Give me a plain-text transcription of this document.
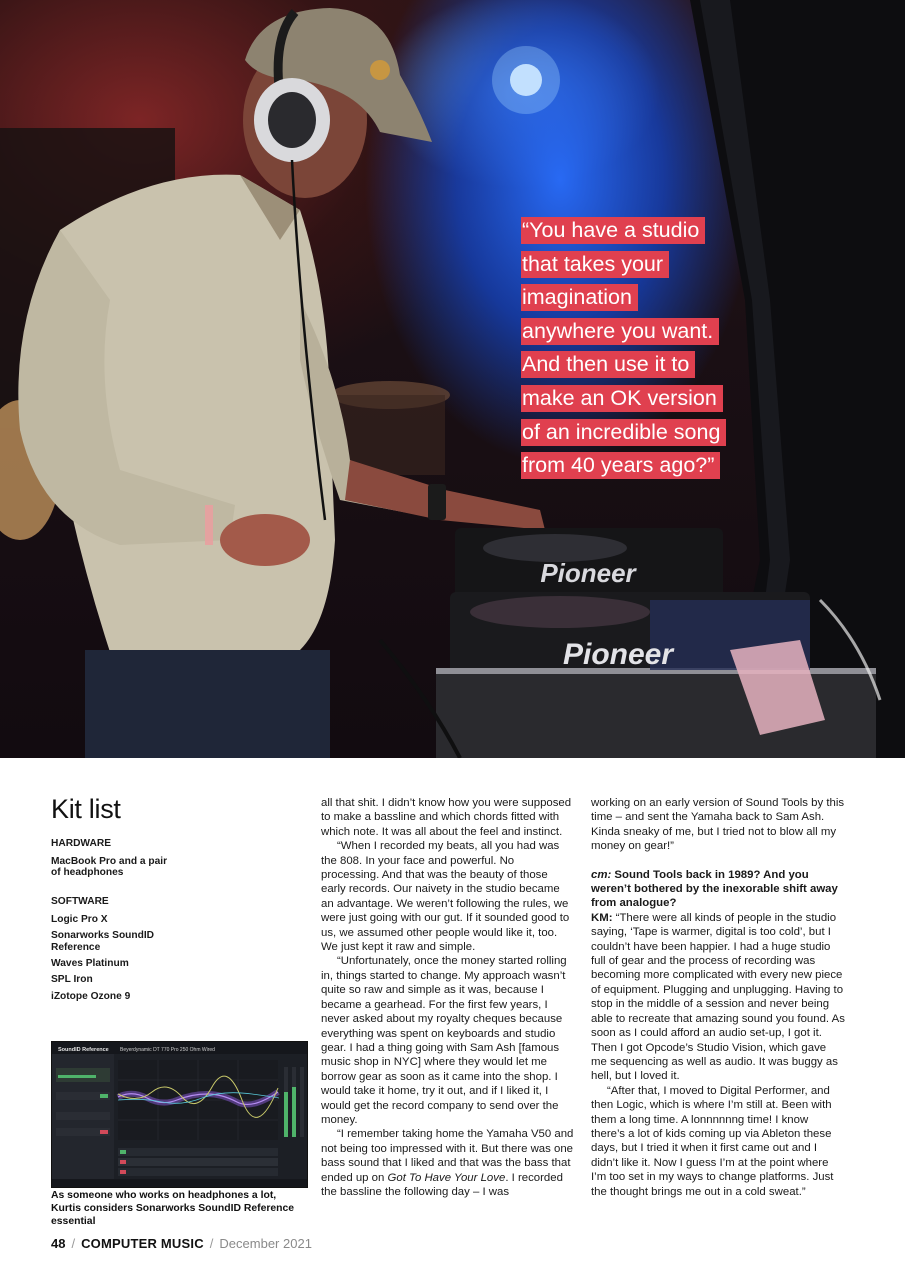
Pioneer
Pioneer
“You have a studio
that takes your
imagination
anywhere you want.
And then use it to
make an OK version
of an incredible song
from 40 years ago?”
Kit list
HARDWARE
MacBook Pro and a pair of headphones
SOFTWARE
Logic Pro X
Sonarworks SoundID Reference
Waves Platinum
SPL Iron
iZotope Ozone 9
SoundID Reference Beyerdynamic DT 770 Pro 250 Ohm Wired
As someone who works on headphones a lot, Kurtis considers Sonarworks SoundID Reference essential

all that shit. I didn’t know how you were supposed to make a bassline and which chords fitted with which note. It was all about the feel and instinct.

“When I recorded my beats, all you had was the 808. In your face and powerful. No processing. And that was the beauty of those early records. Our naivety in the studio became an advantage. We weren’t following the rules, we were just going with our gut. If it sounded good to us, we assumed other people would like it, too. We just kept it raw and simple.

“Unfortunately, once the money started rolling in, things started to change. My approach wasn’t quite so raw and simple as it was, because I became a gearhead. For the first few years, I never asked about my royalty cheques because everything was spent on keyboards and studio gear. I had a thing going with Sam Ash [famous music shop in NYC] where they would let me borrow gear as soon as it came into the shop. I would take it home, try it out, and if I liked it, I would get the record company to send over the money.

“I remember taking home the Yamaha V50 and not being too impressed with it. But there was one bass sound that I liked and that was the bass that ended up on Got To Have Your Love. I recorded the bassline the following day – I was

working on an early version of Sound Tools by this time – and sent the Yamaha back to Sam Ash. Kinda sneaky of me, but I tried not to blow all my money on gear!”

cm: Sound Tools back in 1989? And you weren’t bothered by the inexorable shift away from analogue?

KM: “There were all kinds of people in the studio saying, ‘Tape is warmer, digital is too cold’, but I couldn’t have been happier. I had a huge studio full of gear and the process of recording was becoming more complicated with every new piece of equipment. Plugging and unplugging. Having to stop in the middle of a session and never being able to recreate that amazing sound you found. As soon as I could afford an audio set-up, I got it. Then I got Opcode’s Studio Vision, which gave me sequencing as well as audio. It was buggy as hell, but I loved it.

“After that, I moved to Digital Performer, and then Logic, which is where I’m still at. Been with them a long time. A lonnnnnng time! I know there’s a lot of kids coming up via Ableton these days, but I tried it when it first came out and I didn’t like it. Now I guess I’m at the point where I’m too set in my ways to change platforms. Just the thought brings me out in a cold sweat.”

48 / COMPUTER MUSIC / December 2021
